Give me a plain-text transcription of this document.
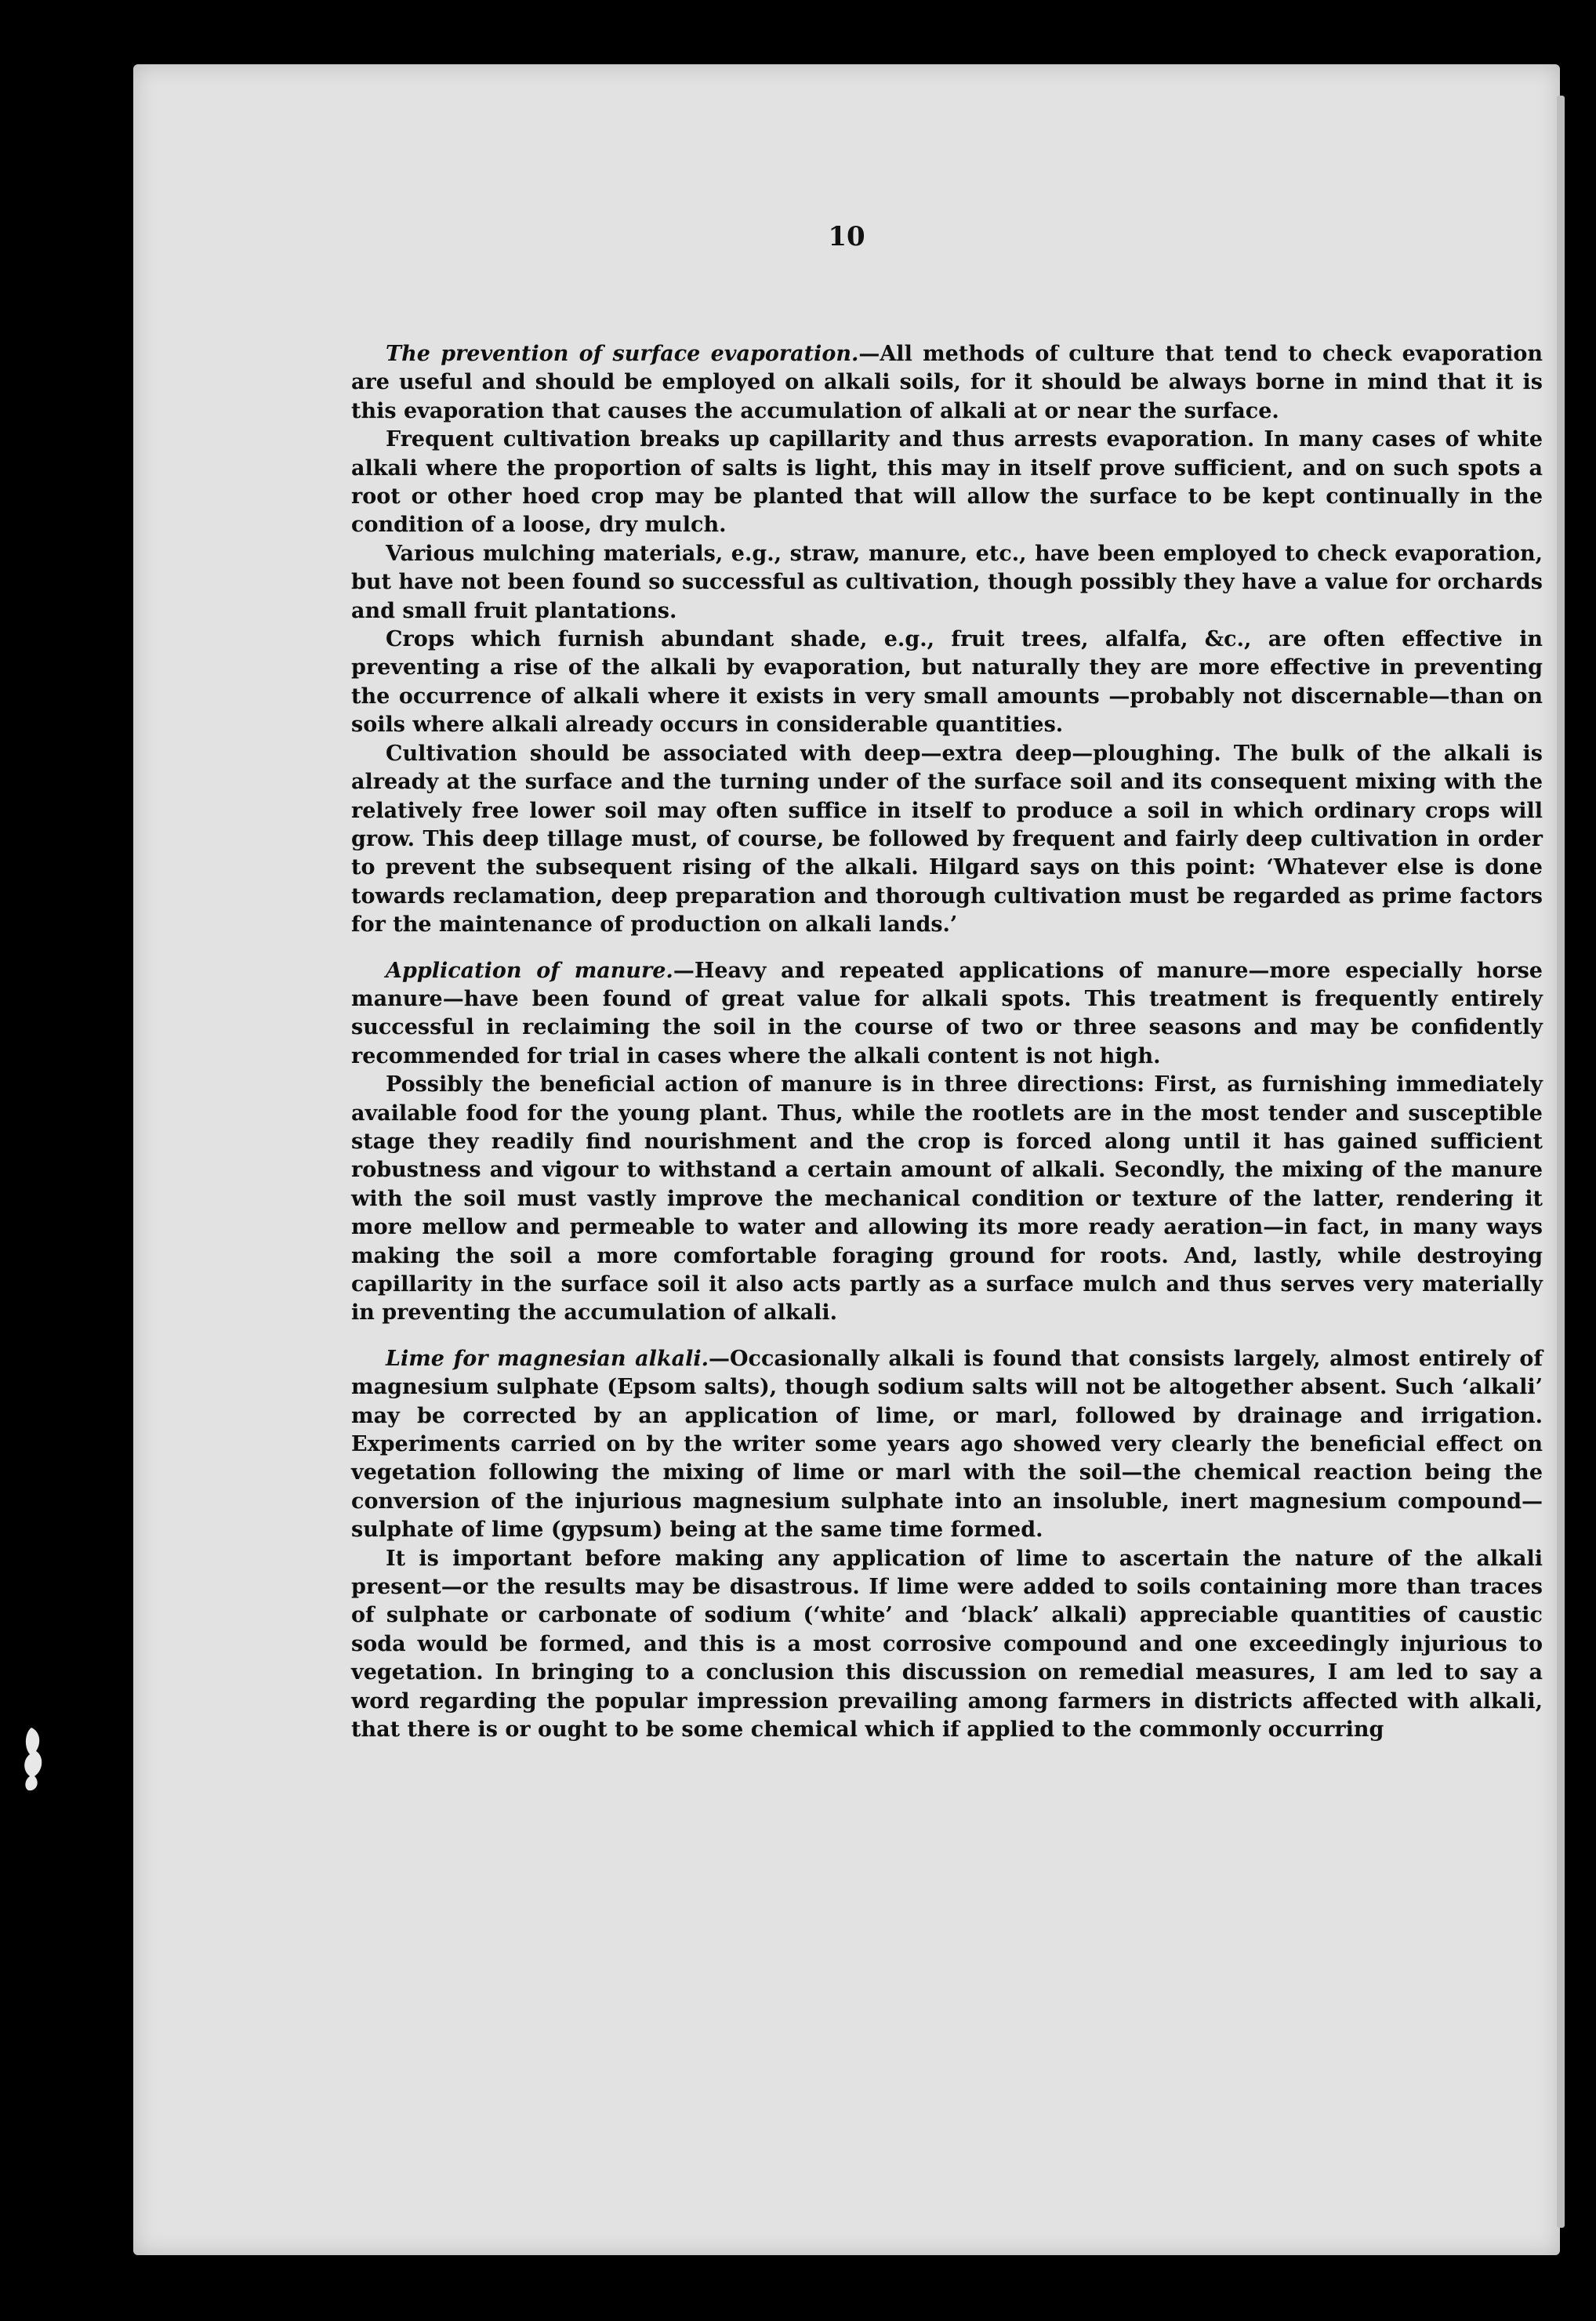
10

The prevention of surface evaporation.—All methods of culture that tend to check evaporation are useful and should be employed on alkali soils, for it should be always borne in mind that it is this evaporation that causes the accumulation of alkali at or near the surface.

Frequent cultivation breaks up capillarity and thus arrests evaporation. In many cases of white alkali where the proportion of salts is light, this may in itself prove sufficient, and on such spots a root or other hoed crop may be planted that will allow the surface to be kept continually in the condition of a loose, dry mulch.

Various mulching materials, e.g., straw, manure, etc., have been employed to check evaporation, but have not been found so successful as cultivation, though possibly they have a value for orchards and small fruit plantations.

Crops which furnish abundant shade, e.g., fruit trees, alfalfa, &c., are often effective in preventing a rise of the alkali by evaporation, but naturally they are more effective in preventing the occurrence of alkali where it exists in very small amounts —probably not discernable—than on soils where alkali already occurs in considerable quantities.

Cultivation should be associated with deep—extra deep—ploughing. The bulk of the alkali is already at the surface and the turning under of the surface soil and its consequent mixing with the relatively free lower soil may often suffice in itself to produce a soil in which ordinary crops will grow. This deep tillage must, of course, be followed by frequent and fairly deep cultivation in order to prevent the subsequent rising of the alkali. Hilgard says on this point: ‘Whatever else is done towards reclamation, deep preparation and thorough cultivation must be regarded as prime factors for the maintenance of production on alkali lands.’

Application of manure.—Heavy and repeated applications of manure—more especially horse manure—have been found of great value for alkali spots. This treatment is frequently entirely successful in reclaiming the soil in the course of two or three seasons and may be confidently recommended for trial in cases where the alkali content is not high.

Possibly the beneficial action of manure is in three directions: First, as furnishing immediately available food for the young plant. Thus, while the rootlets are in the most tender and susceptible stage they readily find nourishment and the crop is forced along until it has gained sufficient robustness and vigour to withstand a certain amount of alkali. Secondly, the mixing of the manure with the soil must vastly improve the mechanical condition or texture of the latter, rendering it more mellow and permeable to water and allowing its more ready aeration—in fact, in many ways making the soil a more comfortable foraging ground for roots. And, lastly, while destroying capillarity in the surface soil it also acts partly as a surface mulch and thus serves very materially in preventing the accumulation of alkali.

Lime for magnesian alkali.—Occasionally alkali is found that consists largely, almost entirely of magnesium sulphate (Epsom salts), though sodium salts will not be altogether absent. Such ‘alkali’ may be corrected by an application of lime, or marl, followed by drainage and irrigation. Experiments carried on by the writer some years ago showed very clearly the beneficial effect on vegetation following the mixing of lime or marl with the soil—the chemical reaction being the conversion of the injurious magnesium sulphate into an insoluble, inert magnesium compound—sulphate of lime (gypsum) being at the same time formed.

It is important before making any application of lime to ascertain the nature of the alkali present—or the results may be disastrous. If lime were added to soils containing more than traces of sulphate or carbonate of sodium (‘white’ and ‘black’ alkali) appreciable quantities of caustic soda would be formed, and this is a most corrosive compound and one exceedingly injurious to vegetation. In bringing to a conclusion this discussion on remedial measures, I am led to say a word regarding the popular impression prevailing among farmers in districts affected with alkali, that there is or ought to be some chemical which if applied to the commonly occurring
